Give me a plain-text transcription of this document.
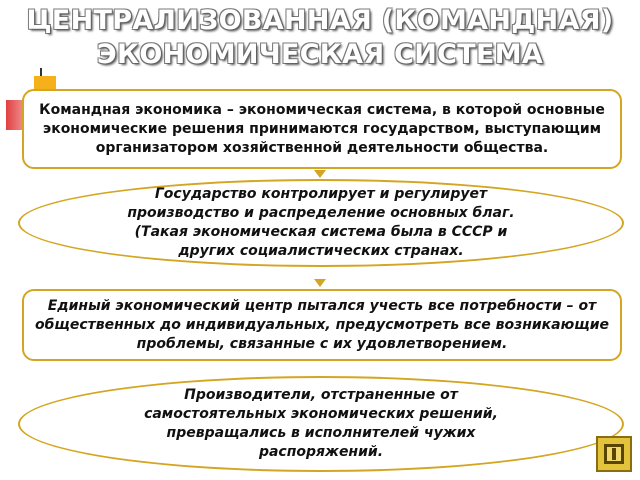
ЦЕНТРАЛИЗОВАННАЯ (КОМАНДНАЯ)
ЭКОНОМИЧЕСКАЯ СИСТЕМА
Командная экономика – экономическая система, в которой основные экономические решения принимаются государством, выступающим организатором хозяйственной деятельности общества.
Государство контролирует и регулирует производство и распределение основных благ. (Такая экономическая система была в СССР и других социалистических странах.
Единый экономический центр пытался учесть все потребности – от общественных до индивидуальных, предусмотреть все возникающие проблемы, связанные с их удовлетворением.
Производители, отстраненные от самостоятельных экономических решений, превращались в исполнителей чужих распоряжений.
